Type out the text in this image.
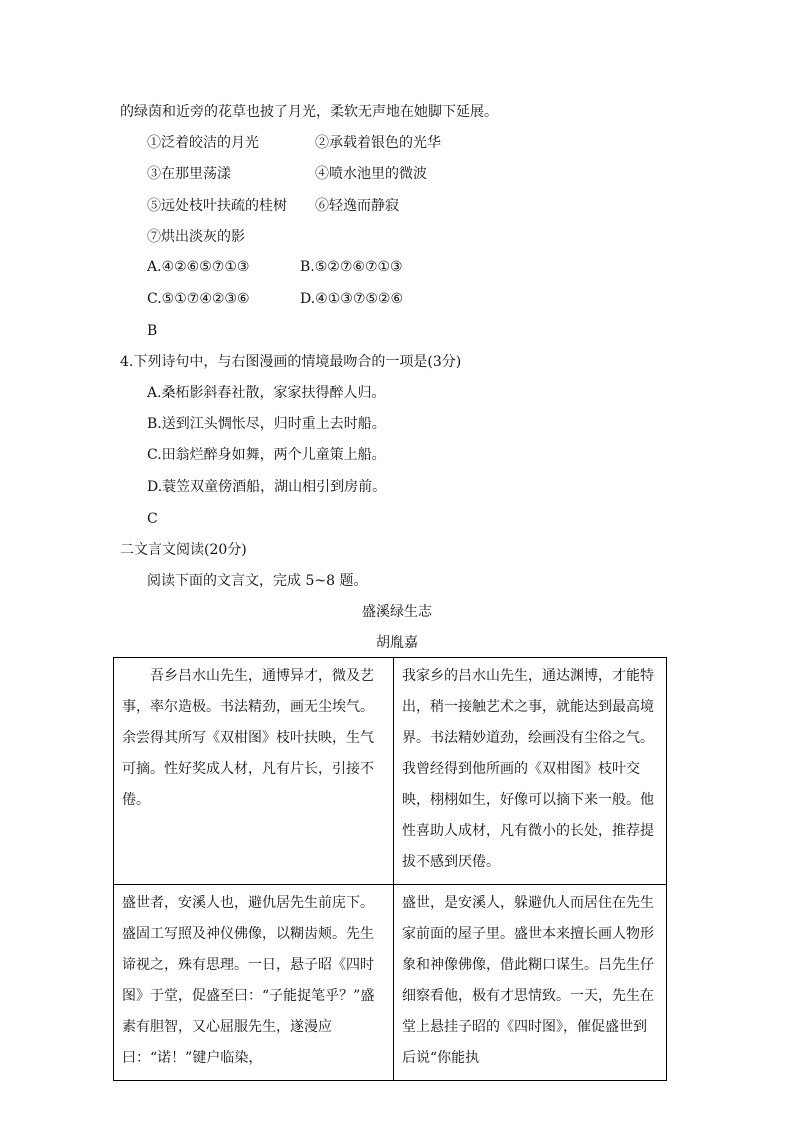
的绿茵和近旁的花草也披了月光，柔软无声地在她脚下延展。
①泛着皎洁的月光	②承载着银色的光华
③在那里荡漾	④喷水池里的微波
⑤远处枝叶扶疏的桂树 ⑥轻逸而静寂
⑦烘出淡灰的影
A.④②⑥⑤⑦①③	B.⑤②⑦⑥⑦①③
C.⑤①⑦④②③⑥	D.④①③⑦⑤②⑥
B
4.下列诗句中，与右图漫画的情境最吻合的一项是(3分)
A.桑柘影斜春社散，家家扶得醉人归。
B.送到江头惆怅尽，归时重上去时船。
C.田翁烂醉身如舞，两个儿童策上船。
D.蓑笠双童傍酒船，湖山相引到房前。
C
二文言文阅读(20分)
阅读下面的文言文，完成 5~8 题。
盛溪绿生志
胡胤嘉
吾乡吕水山先生，通博异才，微及艺事，率尔造极。书法精劲，画无尘埃气。余尝得其所写《双柑图》枝叶扶映，生气可摘。性好奖成人材，凡有片长，引接不倦。	我家乡的吕水山先生，通达渊博，才能特出，稍一接触艺术之事，就能达到最高境界。书法精妙道劲，绘画没有尘俗之气。我曾经得到他所画的《双柑图》枝叶交映，栩栩如生，好像可以摘下来一般。他性喜助人成材，凡有微小的长处，推荐提拔不感到厌倦。
盛世者，安溪人也，避仇居先生前庑下。盛固工写照及神仪佛像，以糊齿颊。先生谛视之，殊有思理。一日，悬子昭《四时图》于堂，促盛至曰：“子能捉笔乎？”盛素有胆智，又心屈服先生，遂漫应曰：“诺！”键户临染，	盛世，是安溪人，躲避仇人而居住在先生家前面的屋子里。盛世本来擅长画人物形象和神像佛像，借此糊口谋生。吕先生仔细察看他，极有才思情致。一天，先生在堂上悬挂子昭的《四时图》，催促盛世到后说“你能执
